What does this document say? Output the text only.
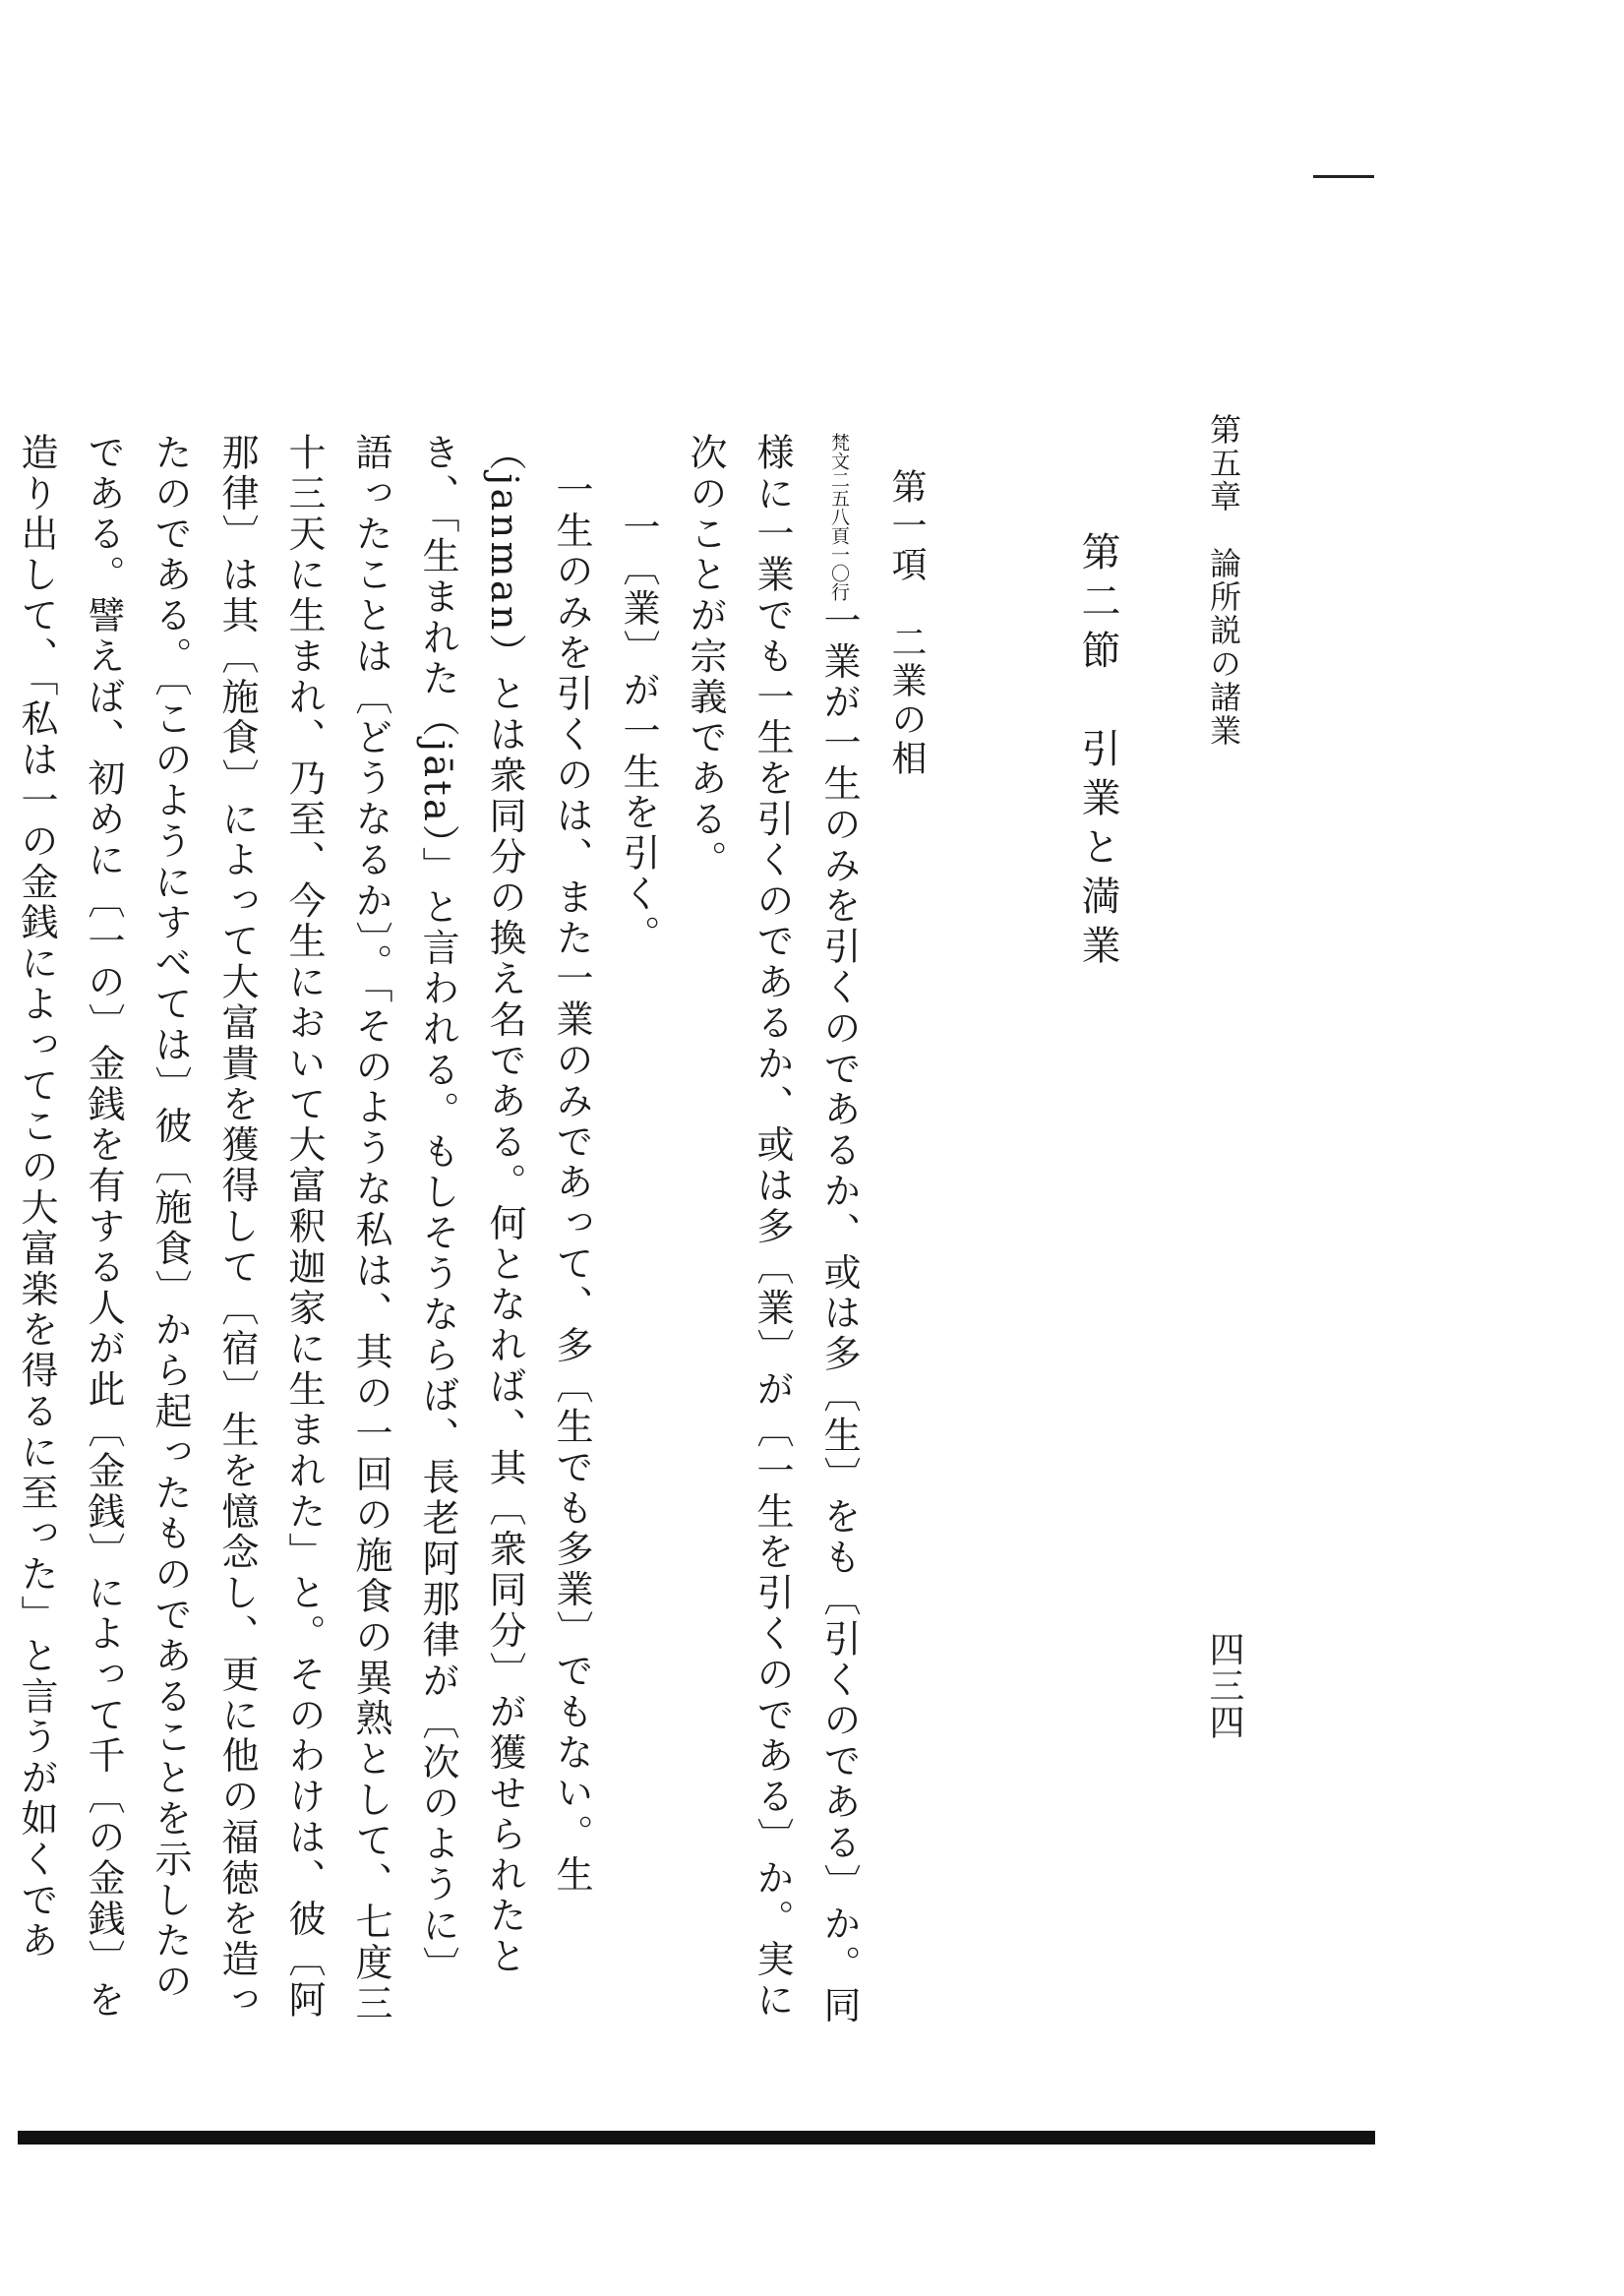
第五章　論所説の諸業
四三四
第二節　引業と満業

第一項　二業の相

梵文二五八頁一〇行一業が一生のみを引くのであるか、或は多〔生〕をも〔引くのである〕か。同様に一業でも一生を引くのであるか、或は多〔業〕が〔一生を引くのである〕か。実に次のことが宗義である。

一〔業〕が一生を引く。

一生のみを引くのは、また一業のみであって、多〔生でも多業〕でもない。生（janman）とは衆同分の換え名である。何となれば、其〔衆同分〕が獲せられたとき、「生まれた（jāta）」と言われる。もしそうならば、長老阿那律が〔次のように〕語ったことは〔どうなるか〕。「そのような私は、其の一回の施食の異熟として、七度三十三天に生まれ、乃至、今生において大富釈迦家に生まれた」と。そのわけは、彼〔阿那律〕は其〔施食〕によって大富貴を獲得して〔宿〕生を憶念し、更に他の福徳を造ったのである。〔このようにすべては〕彼〔施食〕から起ったものであることを示したのである。譬えば、初めに〔一の〕金銭を有する人が此〔金銭〕によって千〔の金銭〕を造り出して、「私は一の金銭によってこの大富楽を得るに至った」と言うが如くであ
